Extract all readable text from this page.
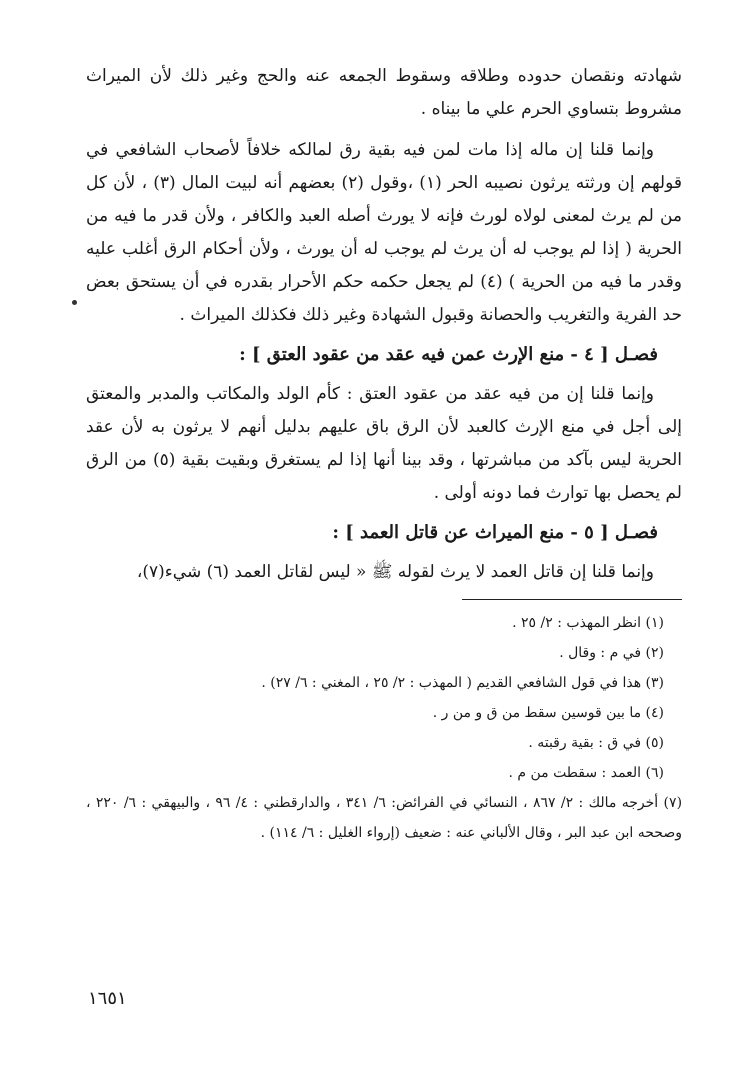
شهادته ونقصان حدوده وطلاقه وسقوط الجمعه عنه والحج وغير ذلك لأن الميراث مشروط بتساوي الحرم علي ما بيناه .

وإنما قلنا إن ماله إذا مات لمن فيه بقية رق لمالكه خلافاً لأصحاب الشافعي في قولهم إن ورثته يرثون نصيبه الحر (١) ،وقول (٢) بعضهم أنه لبيت المال (٣) ، لأن كل من لم يرث لمعنى لولاه لورث فإنه لا يورث أصله العبد والكافر ، ولأن قدر ما فيه من الحرية ( إذا لم يوجب له أن يرث لم يوجب له أن يورث ، ولأن أحكام الرق أغلب عليه وقدر ما فيه من الحرية ) (٤) لم يجعل حكمه حكم الأحرار بقدره في أن يستحق بعض حد الفرية والتغريب والحصانة وقبول الشهادة وغير ذلك فكذلك الميراث .

فصـل [ ٤ - منع الإرث عمن فيه عقد من عقود العتق ] :

وإنما قلنا إن من فيه عقد من عقود العتق : كأم الولد والمكاتب والمدبر والمعتق إلى أجل في منع الإرث كالعبد لأن الرق باق عليهم بدليل أنهم لا يرثون به لأن عقد الحرية ليس بآكد من مباشرتها ، وقد بينا أنها إذا لم يستغرق وبقيت بقية (٥) من الرق لم يحصل بها توارث فما دونه أولى .

فصـل [ ٥ - منع الميراث عن قاتل العمد ] :

وإنما قلنا إن قاتل العمد لا يرث لقوله ﷺ « ليس لقاتل العمد (٦) شيء(٧)،

(١) انظر المهذب : ٢/ ٢٥ .

(٢) في م : وقال .

(٣) هذا في قول الشافعي القديم ( المهذب : ٢/ ٢٥ ، المغني : ٦/ ٢٧) .

(٤) ما بين قوسين سقط من ق و من ر .

(٥) في ق : بقية رقبته .

(٦) العمد : سقطت من م .

(٧) أخرجه مالك : ٢/ ٨٦٧ ، النسائي في الفرائض: ٦/ ٣٤١ ، والدارقطني : ٤/ ٩٦ ، والبيهقي : ٦/ ٢٢٠ ، وصححه ابن عبد البر ، وقال الألباني عنه : ضعيف (إرواء الغليل : ٦/ ١١٤) .

١٦٥١
